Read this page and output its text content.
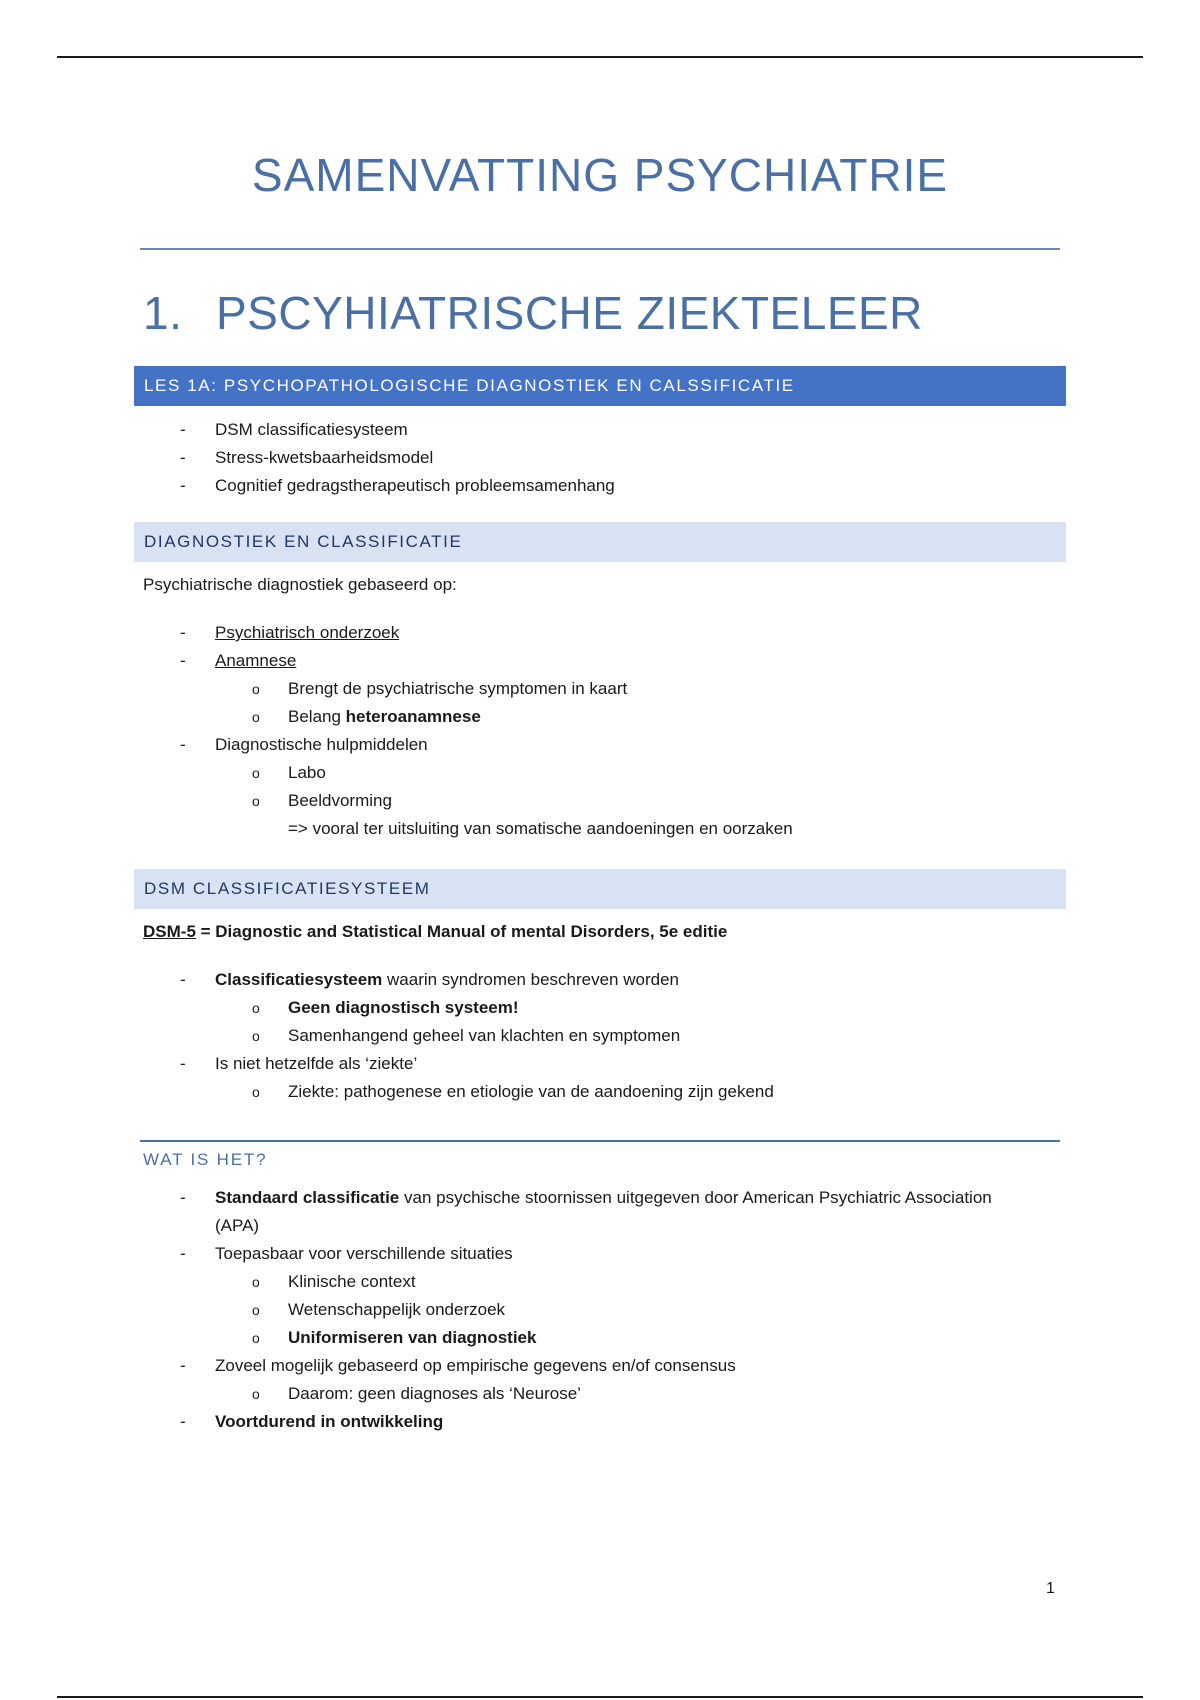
SAMENVATTING PSYCHIATRIE
1. PSCYHIATRISCHE ZIEKTELEER
LES 1A: PSYCHOPATHOLOGISCHE DIAGNOSTIEK EN CALSSIFICATIE
- DSM classificatiesysteem
- Stress-kwetsbaarheidsmodel
- Cognitief gedragstherapeutisch probleemsamenhang
DIAGNOSTIEK EN CLASSIFICATIE
Psychiatrische diagnostiek gebaseerd op:
- Psychiatrisch onderzoek
- Anamnese
o Brengt de psychiatrische symptomen in kaart
o Belang heteroanamnese
- Diagnostische hulpmiddelen
o Labo
o Beeldvorming
=> vooral ter uitsluiting van somatische aandoeningen en oorzaken
DSM CLASSIFICATIESYSTEEM
DSM-5 = Diagnostic and Statistical Manual of mental Disorders, 5e editie
- Classificatiesysteem waarin syndromen beschreven worden
o Geen diagnostisch systeem!
o Samenhangend geheel van klachten en symptomen
- Is niet hetzelfde als ‘ziekte’
o Ziekte: pathogenese en etiologie van de aandoening zijn gekend
WAT IS HET?
- Standaard classificatie van psychische stoornissen uitgegeven door American Psychiatric Association
(APA)
- Toepasbaar voor verschillende situaties
o Klinische context
o Wetenschappelijk onderzoek
o Uniformiseren van diagnostiek
- Zoveel mogelijk gebaseerd op empirische gegevens en/of consensus
o Daarom: geen diagnoses als ‘Neurose’
- Voortdurend in ontwikkeling
1
